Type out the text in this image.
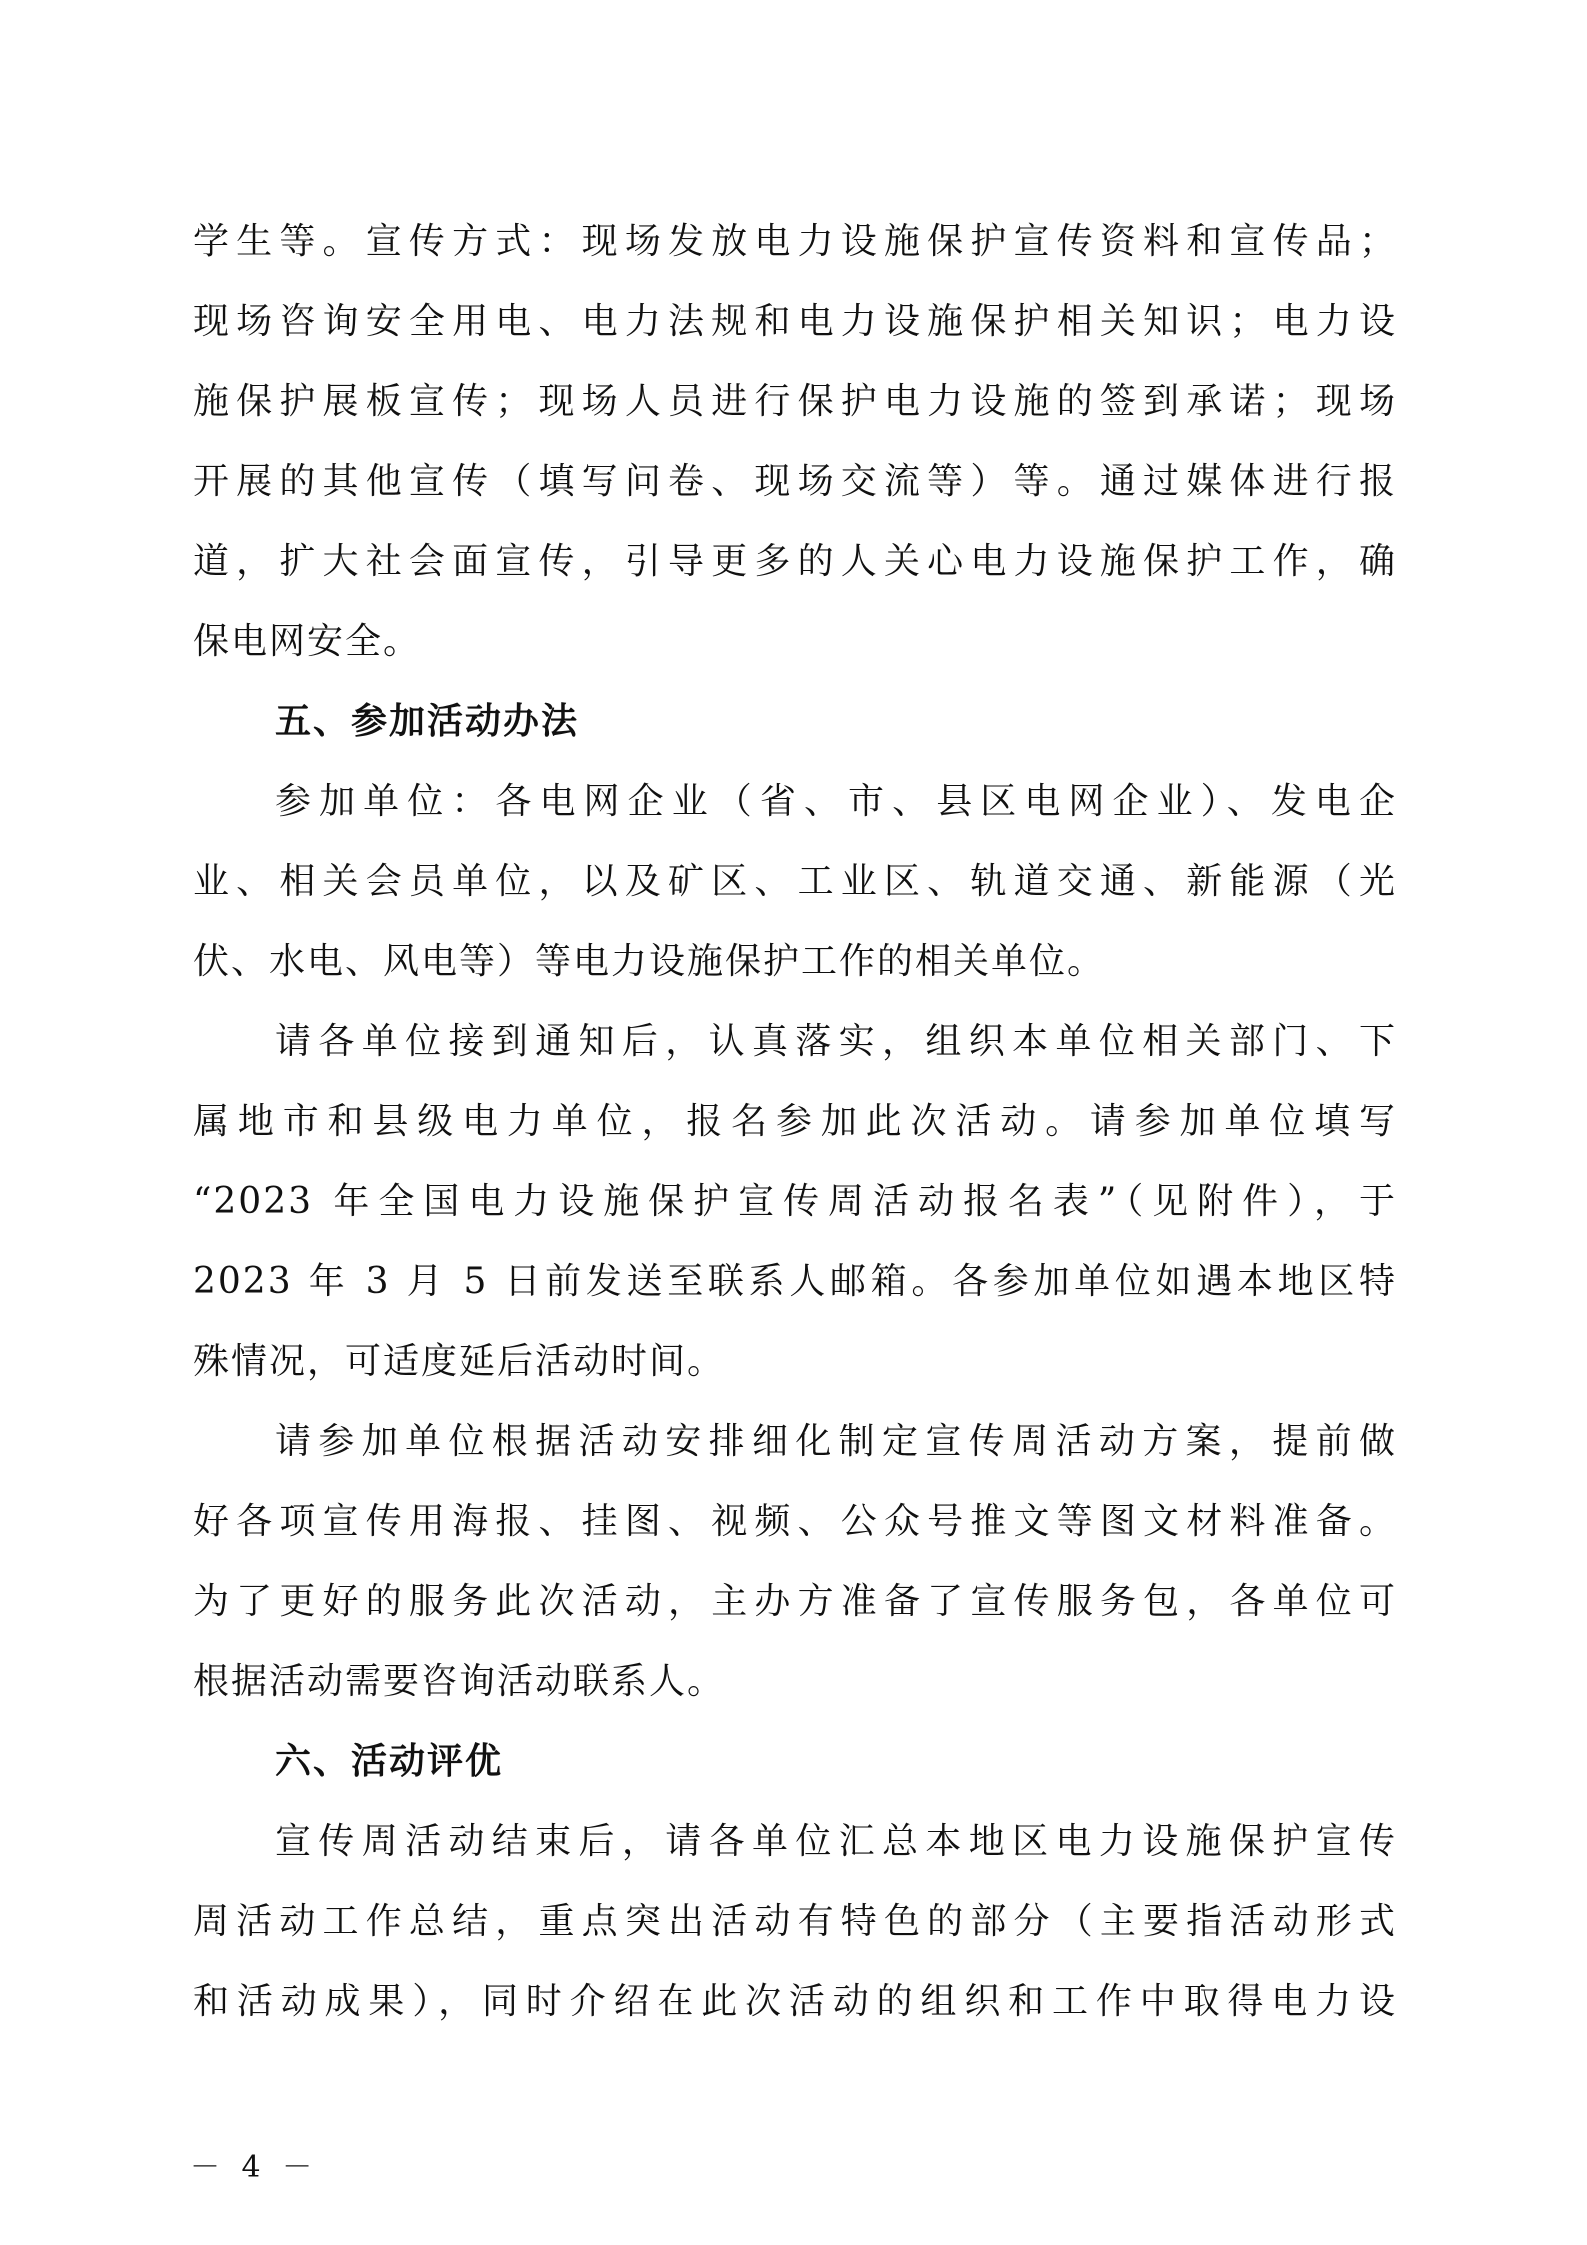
学生等。宣传方式：现场发放电力设施保护宣传资料和宣传品；
现场咨询安全用电、电力法规和电力设施保护相关知识；电力设
施保护展板宣传；现场人员进行保护电力设施的签到承诺；现场
开展的其他宣传（填写问卷、现场交流等）等。通过媒体进行报
道，扩大社会面宣传，引导更多的人关心电力设施保护工作，确
保电网安全。
五、参加活动办法
参加单位：各电网企业（省、市、县区电网企业）、发电企
业、相关会员单位，以及矿区、工业区、轨道交通、新能源（光
伏、水电、风电等）等电力设施保护工作的相关单位。
请各单位接到通知后，认真落实，组织本单位相关部门、下
属地市和县级电力单位，报名参加此次活动。请参加单位填写
“2023 年全国电力设施保护宣传周活动报名表”（见附件），于
2023 年 3 月 5 日前发送至联系人邮箱。各参加单位如遇本地区特
殊情况，可适度延后活动时间。
请参加单位根据活动安排细化制定宣传周活动方案，提前做
好各项宣传用海报、挂图、视频、公众号推文等图文材料准备。
为了更好的服务此次活动，主办方准备了宣传服务包，各单位可
根据活动需要咨询活动联系人。
六、活动评优
宣传周活动结束后，请各单位汇总本地区电力设施保护宣传
周活动工作总结，重点突出活动有特色的部分（主要指活动形式
和活动成果），同时介绍在此次活动的组织和工作中取得电力设
－ 4 －
